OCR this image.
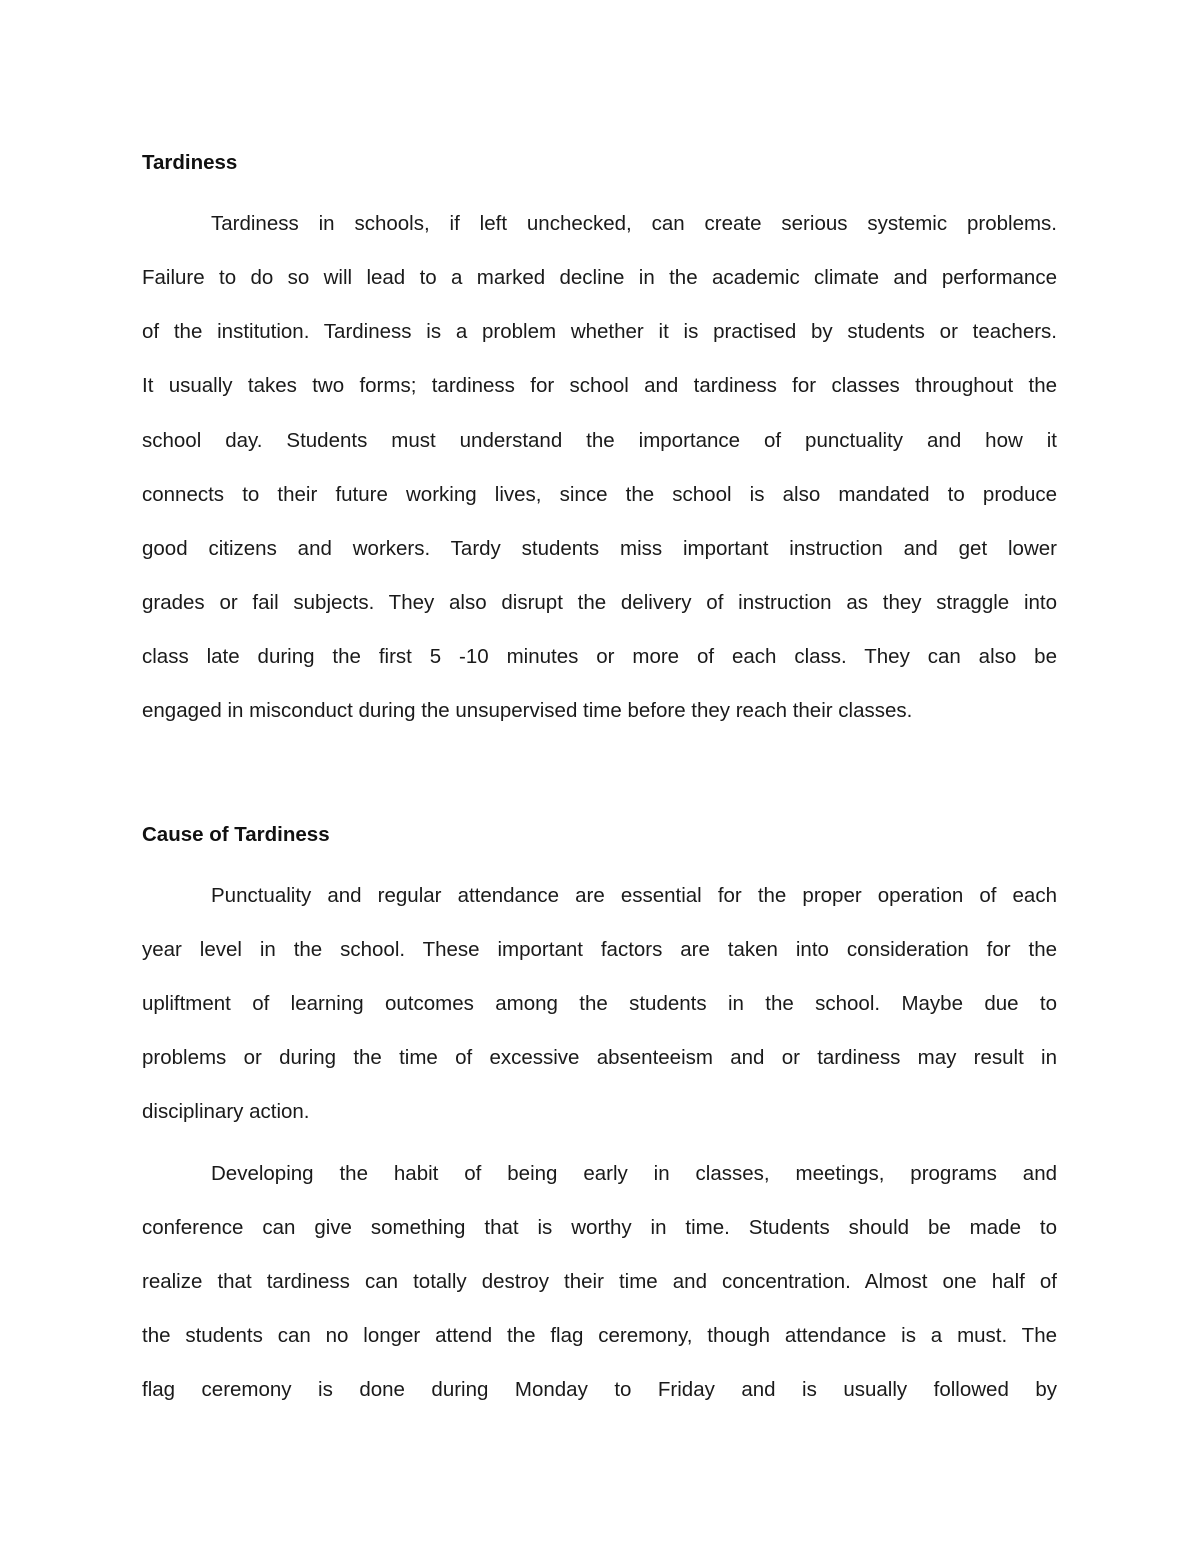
Tardiness
Tardiness in schools, if left unchecked, can create serious systemic problems.
Failure to do so will lead to a marked decline in the academic climate and performance
of the institution. Tardiness is a problem whether it is practised by students or teachers.
It usually takes two forms; tardiness for school and tardiness for classes throughout the
school day. Students must understand the importance of punctuality and how it
connects to their future working lives, since the school is also mandated to produce
good citizens and workers. Tardy students miss important instruction and get lower
grades or fail subjects. They also disrupt the delivery of instruction as they straggle into
class late during the first 5 -10 minutes or more of each class. They can also be
engaged in misconduct during the unsupervised time before they reach their classes.
Cause of Tardiness
Punctuality and regular attendance are essential for the proper operation of each
year level in the school. These important factors are taken into consideration for the
upliftment of learning outcomes among the students in the school. Maybe due to
problems or during the time of excessive absenteeism and or tardiness may result in
disciplinary action.
Developing the habit of being early in classes, meetings, programs and
conference can give something that is worthy in time. Students should be made to
realize that tardiness can totally destroy their time and concentration. Almost one half of
the students can no longer attend the flag ceremony, though attendance is a must. The
flag ceremony is done during Monday to Friday and is usually followed by
